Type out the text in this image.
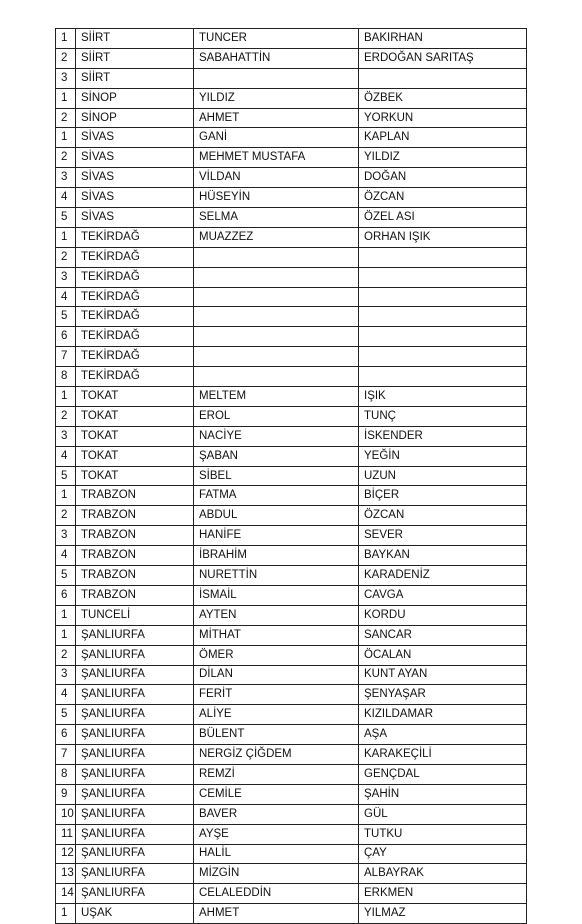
1	SİİRT	TUNCER	BAKIRHAN
2	SİİRT	SABAHATTİN	ERDOĞAN SARITAŞ
3	SİİRT		
1	SİNOP	YILDIZ	ÖZBEK
2	SİNOP	AHMET	YORKUN
1	SİVAS	GANİ	KAPLAN
2	SİVAS	MEHMET MUSTAFA	YILDIZ
3	SİVAS	VİLDAN	DOĞAN
4	SİVAS	HÜSEYİN	ÖZCAN
5	SİVAS	SELMA	ÖZEL ASI
1	TEKİRDAĞ	MUAZZEZ	ORHAN IŞIK
2	TEKİRDAĞ		
3	TEKİRDAĞ		
4	TEKİRDAĞ		
5	TEKİRDAĞ		
6	TEKİRDAĞ		
7	TEKİRDAĞ		
8	TEKİRDAĞ		
1	TOKAT	MELTEM	IŞIK
2	TOKAT	EROL	TUNÇ
3	TOKAT	NACİYE	İSKENDER
4	TOKAT	ŞABAN	YEĞİN
5	TOKAT	SİBEL	UZUN
1	TRABZON	FATMA	BİÇER
2	TRABZON	ABDUL	ÖZCAN
3	TRABZON	HANİFE	SEVER
4	TRABZON	İBRAHİM	BAYKAN
5	TRABZON	NURETTİN	KARADENİZ
6	TRABZON	İSMAİL	CAVGA
1	TUNCELİ	AYTEN	KORDU
1	ŞANLIURFA	MİTHAT	SANCAR
2	ŞANLIURFA	ÖMER	ÖCALAN
3	ŞANLIURFA	DİLAN	KUNT AYAN
4	ŞANLIURFA	FERİT	ŞENYAŞAR
5	ŞANLIURFA	ALİYE	KIZILDAMAR
6	ŞANLIURFA	BÜLENT	AŞA
7	ŞANLIURFA	NERGİZ ÇİĞDEM	KARAKEÇİLİ
8	ŞANLIURFA	REMZİ	GENÇDAL
9	ŞANLIURFA	CEMİLE	ŞAHİN
10	ŞANLIURFA	BAVER	GÜL
11	ŞANLIURFA	AYŞE	TUTKU
12	ŞANLIURFA	HALİL	ÇAY
13	ŞANLIURFA	MİZGİN	ALBAYRAK
14	ŞANLIURFA	CELALEDDİN	ERKMEN
1	UŞAK	AHMET	YILMAZ
